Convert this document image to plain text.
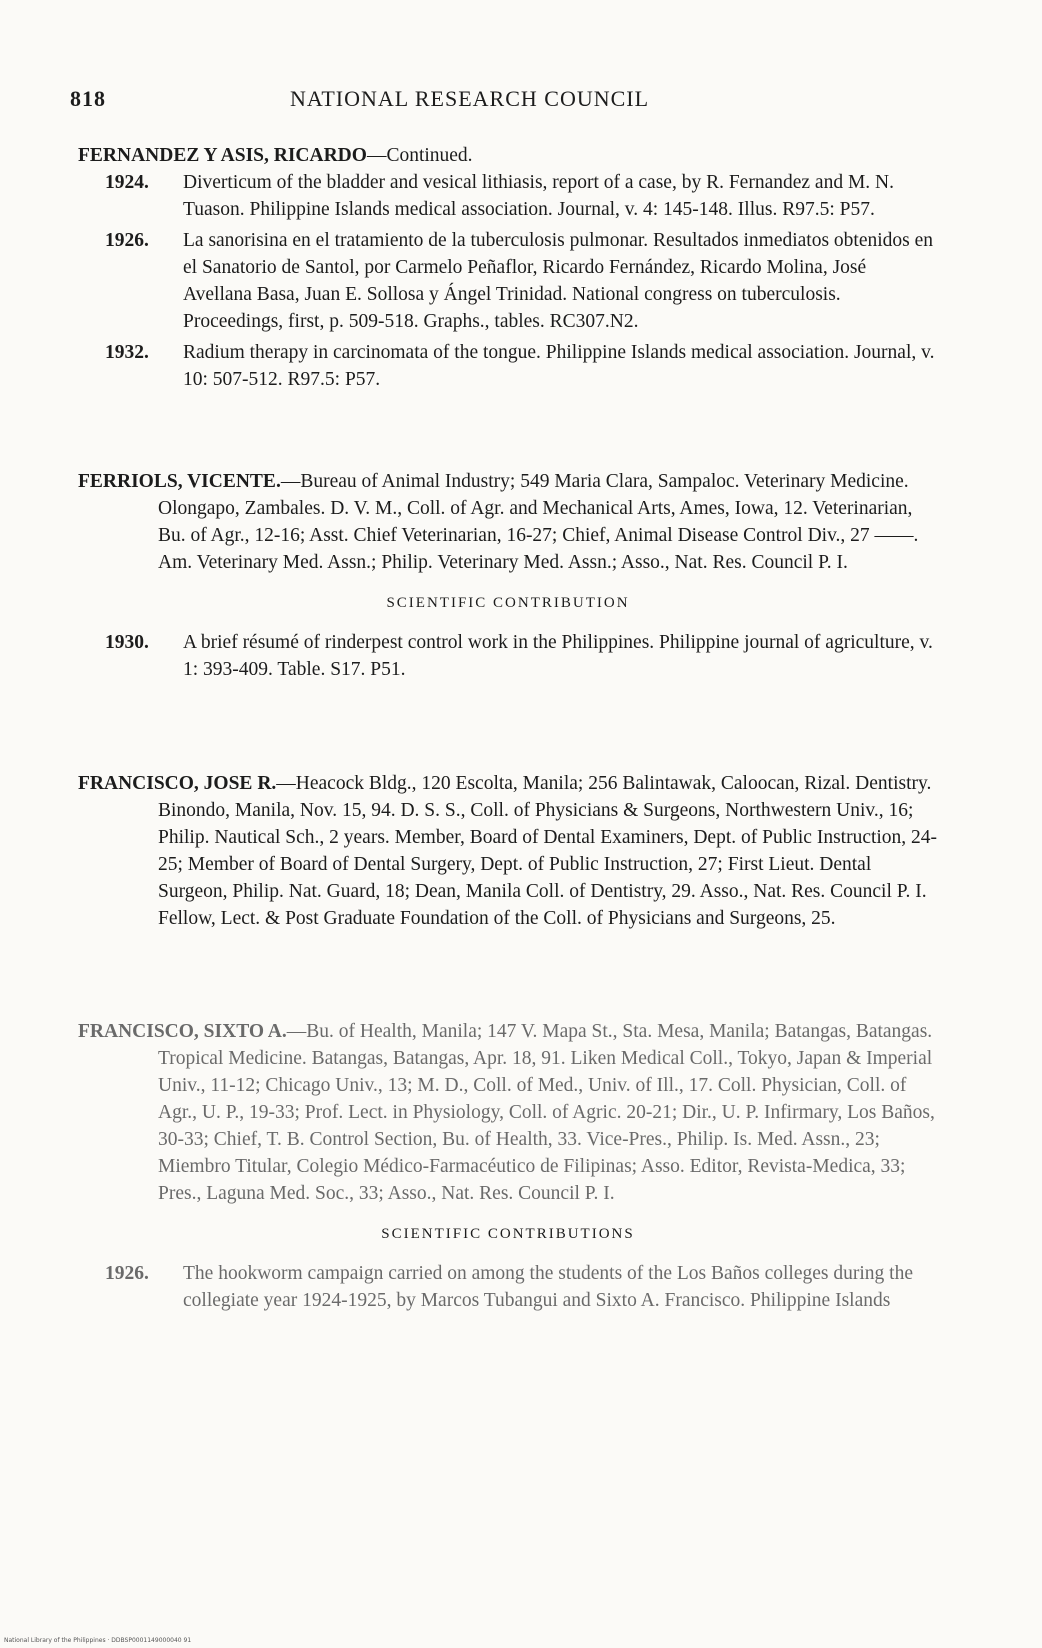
818	NATIONAL RESEARCH COUNCIL

FERNANDEZ Y ASIS, RICARDO—Continued.

1924. Diverticum of the bladder and vesical lithiasis, report of a case, by R. Fernandez and M. N. Tuason. Philippine Islands medical association. Journal, v. 4: 145-148. Illus. R97.5: P57.

1926. La sanorisina en el tratamiento de la tuberculosis pulmonar. Resultados inmediatos obtenidos en el Sanatorio de Santol, por Carmelo Peñaflor, Ricardo Fernández, Ricardo Molina, José Avellana Basa, Juan E. Sollosa y Ángel Trinidad. National congress on tuberculosis. Proceedings, first, p. 509-518. Graphs., tables. RC307.N2.

1932. Radium therapy in carcinomata of the tongue. Philippine Islands medical association. Journal, v. 10: 507-512. R97.5: P57.

FERRIOLS, VICENTE.—Bureau of Animal Industry; 549 Maria Clara, Sampaloc. Veterinary Medicine. Olongapo, Zambales. D. V. M., Coll. of Agr. and Mechanical Arts, Ames, Iowa, 12. Veterinarian, Bu. of Agr., 12-16; Asst. Chief Veterinarian, 16-27; Chief, Animal Disease Control Div., 27 ——. Am. Veterinary Med. Assn.; Philip. Veterinary Med. Assn.; Asso., Nat. Res. Council P. I.

SCIENTIFIC CONTRIBUTION

1930. A brief résumé of rinderpest control work in the Philippines. Philippine journal of agriculture, v. 1: 393-409. Table. S17. P51.

FRANCISCO, JOSE R.—Heacock Bldg., 120 Escolta, Manila; 256 Balintawak, Caloocan, Rizal. Dentistry. Binondo, Manila, Nov. 15, 94. D. S. S., Coll. of Physicians & Surgeons, Northwestern Univ., 16; Philip. Nautical Sch., 2 years. Member, Board of Dental Examiners, Dept. of Public Instruction, 24-25; Member of Board of Dental Surgery, Dept. of Public Instruction, 27; First Lieut. Dental Surgeon, Philip. Nat. Guard, 18; Dean, Manila Coll. of Dentistry, 29. Asso., Nat. Res. Council P. I. Fellow, Lect. & Post Graduate Foundation of the Coll. of Physicians and Surgeons, 25.

FRANCISCO, SIXTO A.—Bu. of Health, Manila; 147 V. Mapa St., Sta. Mesa, Manila; Batangas, Batangas. Tropical Medicine. Batangas, Batangas, Apr. 18, 91. Liken Medical Coll., Tokyo, Japan & Imperial Univ., 11-12; Chicago Univ., 13; M. D., Coll. of Med., Univ. of Ill., 17. Coll. Physician, Coll. of Agr., U. P., 19-33; Prof. Lect. in Physiology, Coll. of Agric. 20-21; Dir., U. P. Infirmary, Los Baños, 30-33; Chief, T. B. Control Section, Bu. of Health, 33. Vice-Pres., Philip. Is. Med. Assn., 23; Miembro Titular, Colegio Médico-Farmacéutico de Filipinas; Asso. Editor, Revista-Medica, 33; Pres., Laguna Med. Soc., 33; Asso., Nat. Res. Council P. I.

SCIENTIFIC CONTRIBUTIONS

1926. The hookworm campaign carried on among the students of the Los Baños colleges during the collegiate year 1924-1925, by Marcos Tubangui and Sixto A. Francisco. Philippine Islands

National Library of the Philippines · DDBSP0001149000040 91
